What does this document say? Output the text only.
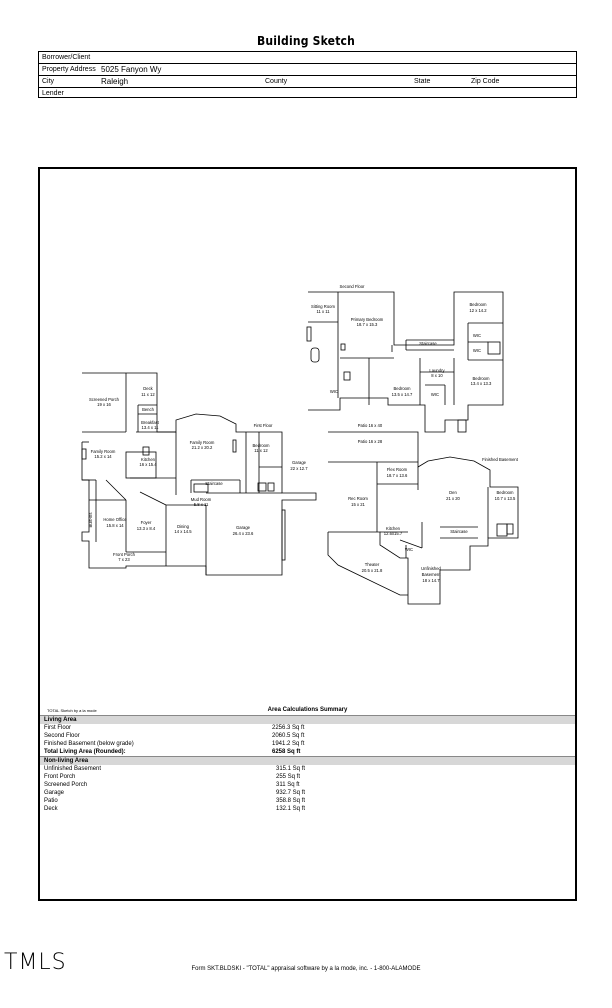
Building Sketch
Borrower/Client
Property Address 5025 Fanyon Wy
City	Raleigh	County	State	Zip Code
Lender
Second Floor
Sitting Room
11 x 11
Primary Bedroom
18.7 x 15.3
Bedroom
12 x 14.2
Staircase
WIC
WIC
Laundry
8 x 10
Bedroom
13.5 x 14.7
Bedroom
13.4 x 13.3
WIC
WIC
Deck
11 x 12
Screened Porch
19 x 16
Bench
Breakfast
13.4 x 11
Family Room
15.2 x 14
Kitchen
16 x 15.4
Family Room
21.2 x 20.2
First Floor
Bedroom
11 x 12
Garage
22 x 12.7
Staircase
Mud Room
5.8 x 11
Built-ins Home Office
15.8 x 14
Foyer
13.3 x 8.4	Dining
14 x 14.5
Garage
26.4 x 23.6
Front Porch
7 x 23
Patio 16 x 40
Patio 16 x 28
Finished Basement
Flex Room
18.7 x 13.6
Den
21 x 20
Bedroom
10.7 x 13.5
Rec Room
15 x 21
Kitchen
12.6x15.7	Staircase
WIC
Theater
20.5 x 21.8	Unfinished
Basement
18 x 14.7
TOTAL Sketch by a la mode	Area Calculations Summary
Living Area
First Floor	2256.3 Sq ft
Second Floor	2060.5 Sq ft
Finished Basement (below grade)	1941.2 Sq ft
Total Living Area (Rounded):	6258 Sq ft
Non-living Area
Unfinished Basement	315.1 Sq ft
Front Porch	255 Sq ft
Screened Porch	311 Sq ft
Garage	932.7 Sq ft
Patio	358.8 Sq ft
Deck	132.1 Sq ft
TMLS	Form SKT.BLDSKI - "TOTAL" appraisal software by a la mode, inc. - 1-800-ALAMODE
